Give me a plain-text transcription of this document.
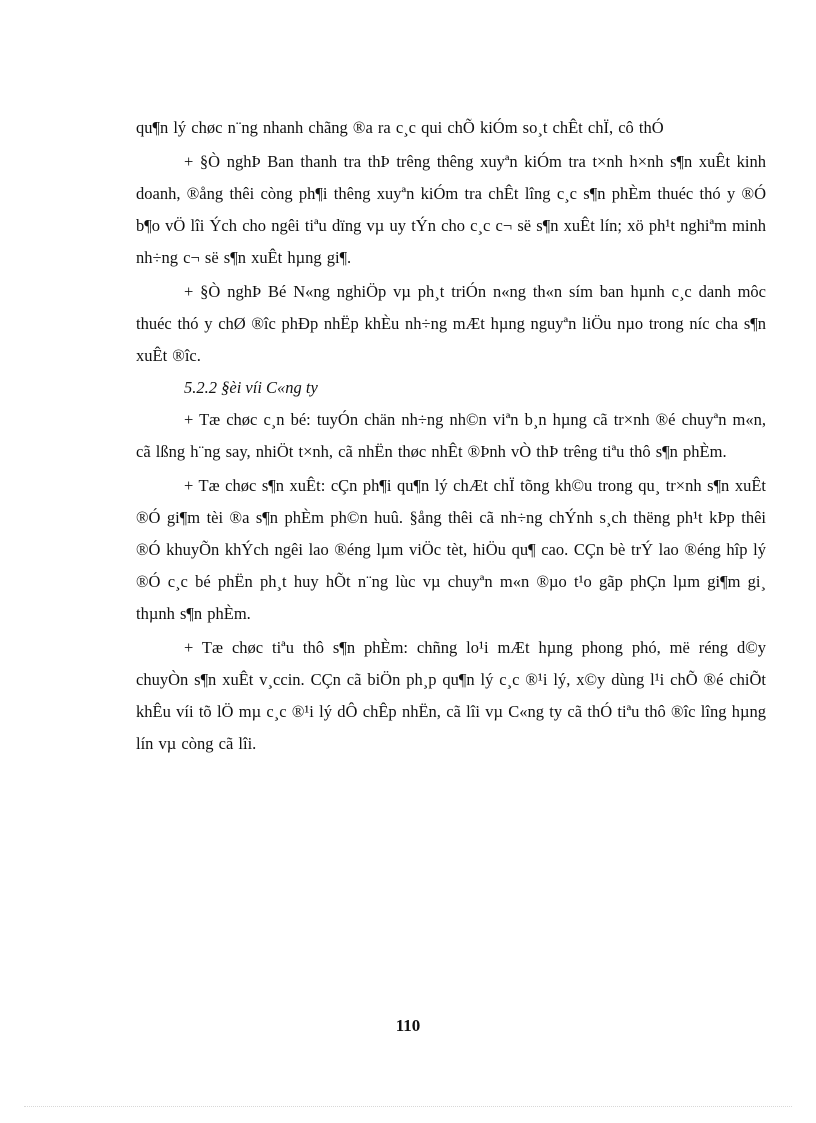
qu¶n lý chøc n¨ng nhanh chãng ®a ra c¸c qui chÕ kiÓm so¸t chÊt chÏ, cô thÓ

+ §Ò nghÞ Ban thanh tra thÞ trêng thêng xuyªn kiÓm tra t×nh h×nh s¶n xuÊt kinh doanh, ®ång thêi còng ph¶i thêng xuyªn kiÓm tra chÊt lîng c¸c s¶n phÈm thuéc thó y ®Ó b¶o vÖ lîi Ých cho ngêi tiªu dïng vµ uy tÝn cho c¸c c¬ së s¶n xuÊt lín; xö ph¹t nghiªm minh nh÷ng c¬ së s¶n xuÊt hµng gi¶.

+ §Ò nghÞ Bé N«ng nghiÖp vµ ph¸t triÓn n«ng th«n sím ban hµnh c¸c danh môc thuéc thó y chØ ®îc phÐp nhËp khÈu nh÷ng mÆt hµng nguyªn liÖu nµo trong níc cha s¶n xuÊt ®îc.

5.2.2 §èi víi C«ng ty

+ Tæ chøc c¸n bé: tuyÓn chän nh÷ng nh©n viªn b¸n hµng cã tr×nh ®é chuyªn m«n, cã lßng h¨ng say, nhiÖt t×nh, cã nhËn thøc nhÊt ®Þnh vÒ thÞ trêng tiªu thô s¶n phÈm.

+ Tæ chøc s¶n xuÊt: cÇn ph¶i qu¶n lý chÆt chÏ tõng kh©u trong qu¸ tr×nh s¶n xuÊt ®Ó gi¶m tèi ®a s¶n phÈm ph©n huû. §ång thêi cã nh÷ng chÝnh s¸ch thëng ph¹t kÞp thêi ®Ó khuyÕn khÝch ngêi lao ®éng lµm viÖc tèt, hiÖu qu¶ cao. CÇn bè trÝ lao ®éng hîp lý ®Ó c¸c bé phËn ph¸t huy hÕt n¨ng lùc vµ chuyªn m«n ®µo t¹o gãp phÇn lµm gi¶m gi¸ thµnh s¶n phÈm.

+ Tæ chøc tiªu thô s¶n phÈm: chñng lo¹i mÆt hµng phong phó, më réng d©y chuyÒn s¶n xuÊt v¸ccin. CÇn cã biÖn ph¸p qu¶n lý c¸c ®¹i lý, x©y dùng l¹i chÕ ®é chiÕt khÊu víi tõ lÖ mµ c¸c ®¹i lý dÔ chÊp nhËn, cã lîi vµ C«ng ty cã thÓ tiªu thô ®îc lîng hµng lín vµ còng cã lîi.

110
